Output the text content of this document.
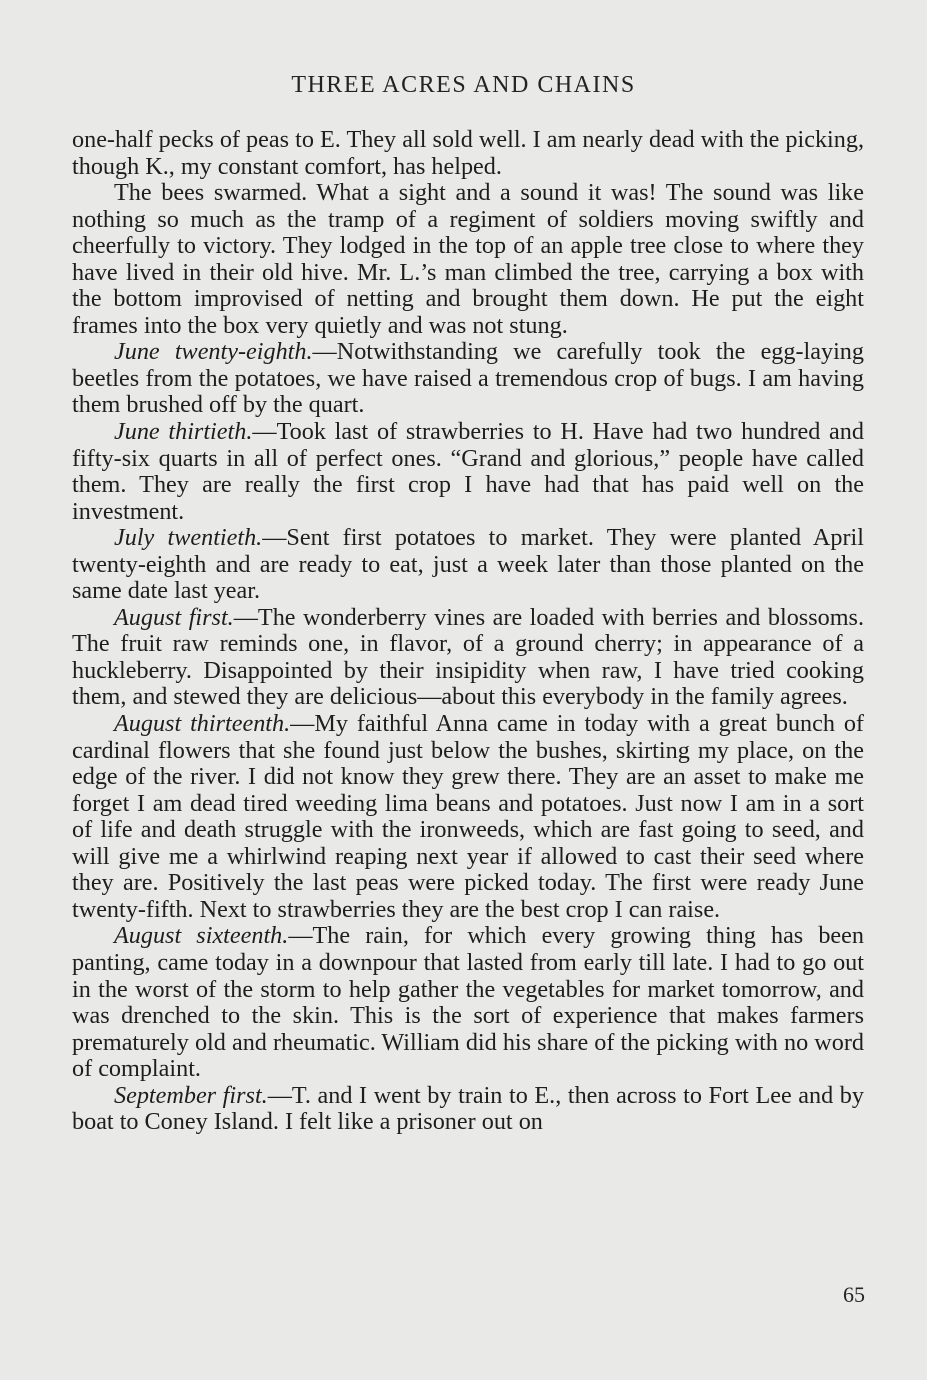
THREE ACRES AND CHAINS

one-half pecks of peas to E. They all sold well. I am nearly dead with the picking, though K., my constant comfort, has helped.

The bees swarmed. What a sight and a sound it was! The sound was like nothing so much as the tramp of a regiment of soldiers moving swiftly and cheerfully to victory. They lodged in the top of an apple tree close to where they have lived in their old hive. Mr. L.’s man climbed the tree, carrying a box with the bottom improvised of netting and brought them down. He put the eight frames into the box very quietly and was not stung.

June twenty-eighth.—Notwithstanding we carefully took the egg-laying beetles from the potatoes, we have raised a tremendous crop of bugs. I am having them brushed off by the quart.

June thirtieth.—Took last of strawberries to H. Have had two hundred and fifty-six quarts in all of perfect ones. “Grand and glorious,” people have called them. They are really the first crop I have had that has paid well on the investment.

July twentieth.—Sent first potatoes to market. They were planted April twenty-eighth and are ready to eat, just a week later than those planted on the same date last year.

August first.—The wonderberry vines are loaded with berries and blossoms. The fruit raw reminds one, in flavor, of a ground cherry; in appearance of a huckleberry. Disappointed by their insipidity when raw, I have tried cooking them, and stewed they are delicious—about this everybody in the family agrees.

August thirteenth.—My faithful Anna came in today with a great bunch of cardinal flowers that she found just below the bushes, skirting my place, on the edge of the river. I did not know they grew there. They are an asset to make me forget I am dead tired weeding lima beans and potatoes. Just now I am in a sort of life and death struggle with the ironweeds, which are fast going to seed, and will give me a whirlwind reaping next year if allowed to cast their seed where they are. Positively the last peas were picked today. The first were ready June twenty-fifth. Next to strawberries they are the best crop I can raise.

August sixteenth.—The rain, for which every growing thing has been panting, came today in a downpour that lasted from early till late. I had to go out in the worst of the storm to help gather the vegetables for market tomorrow, and was drenched to the skin. This is the sort of experience that makes farmers prematurely old and rheumatic. William did his share of the picking with no word of complaint.

September first.—T. and I went by train to E., then across to Fort Lee and by boat to Coney Island. I felt like a prisoner out on

65
